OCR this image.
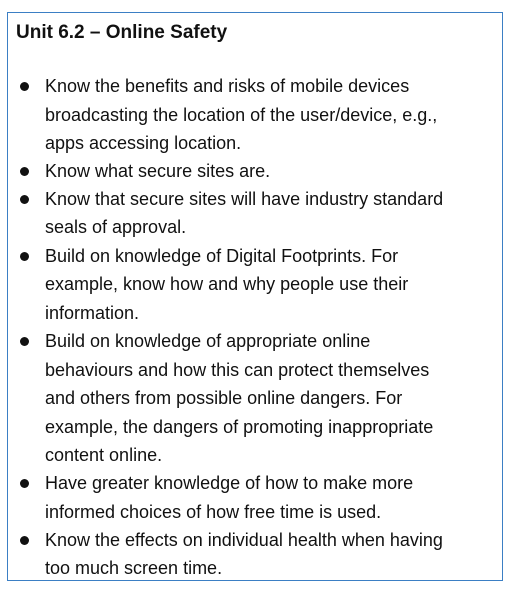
Unit 6.2 – Online Safety
Know the benefits and risks of mobile devices
broadcasting the location of the user/device, e.g.,
apps accessing location.
Know what secure sites are.
Know that secure sites will have industry standard
seals of approval.
Build on knowledge of Digital Footprints. For
example, know how and why people use their
information.
Build on knowledge of appropriate online
behaviours and how this can protect themselves
and others from possible online dangers. For
example, the dangers of promoting inappropriate
content online.
Have greater knowledge of how to make more
informed choices of how free time is used.
Know the effects on individual health when having
too much screen time.
